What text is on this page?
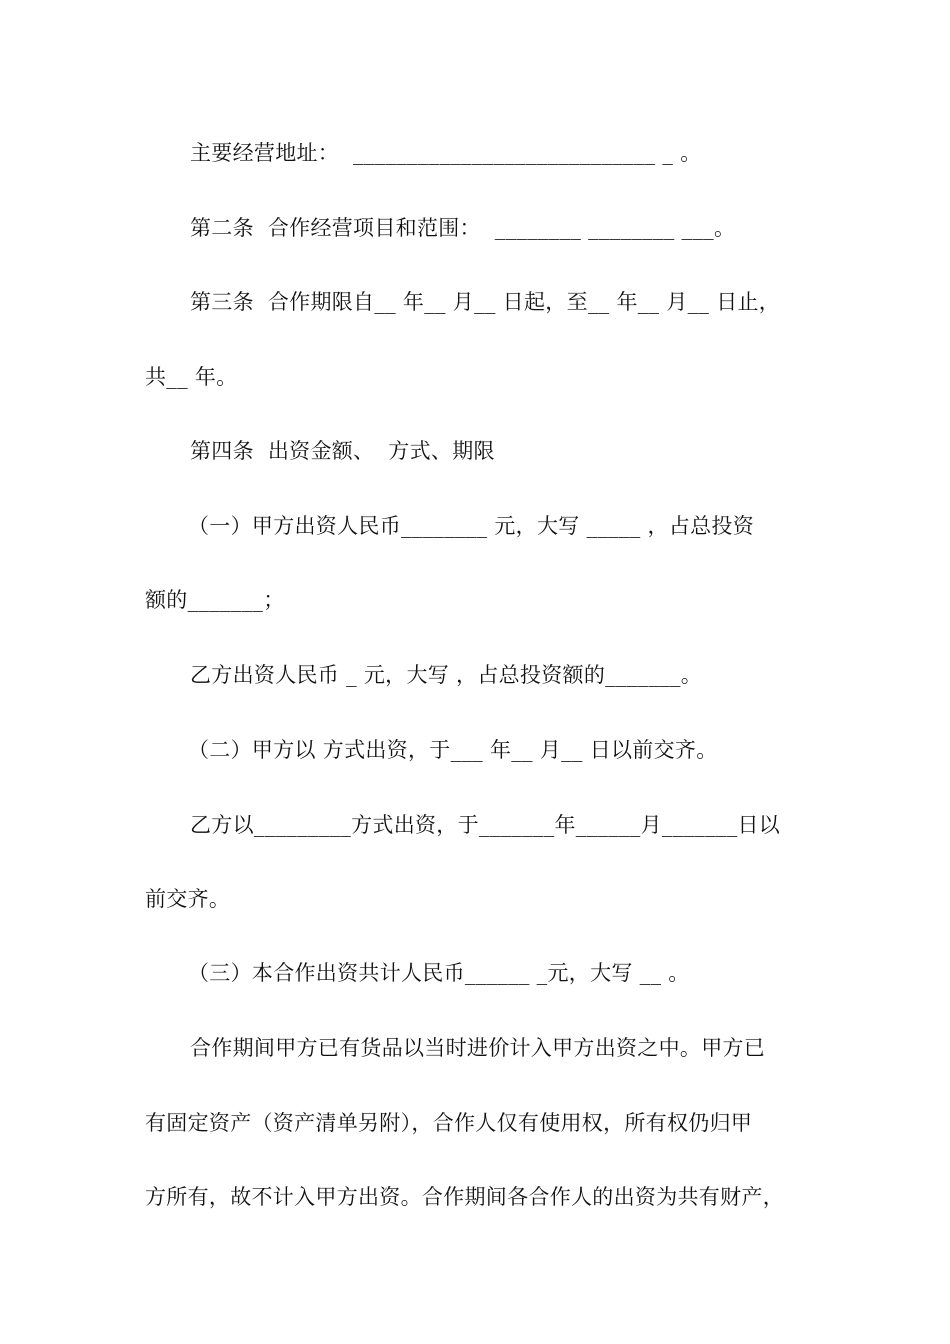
主要经营地址：  ____________________________ _ 。
第二条  合作经营项目和范围：  ________ ________ ___。
第三条  合作期限自__ 年__ 月__ 日起，至__ 年__ 月__ 日止，
共__ 年。
第四条  出资金额、  方式、期限
（一）甲方出资人民币________ 元，大写 _____ ，占总投资
额的_______；
乙方出资人民币 _ 元，大写 ，占总投资额的_______。
（二）甲方以 方式出资，于___ 年__ 月__ 日以前交齐。
乙方以_________方式出资，于_______年______月_______日以
前交齐。
（三）本合作出资共计人民币______ _元，大写 __ 。
合作期间甲方已有货品以当时进价计入甲方出资之中。甲方已
有固定资产（资产清单另附），合作人仅有使用权，所有权仍归甲
方所有，故不计入甲方出资。合作期间各合作人的出资为共有财产，
